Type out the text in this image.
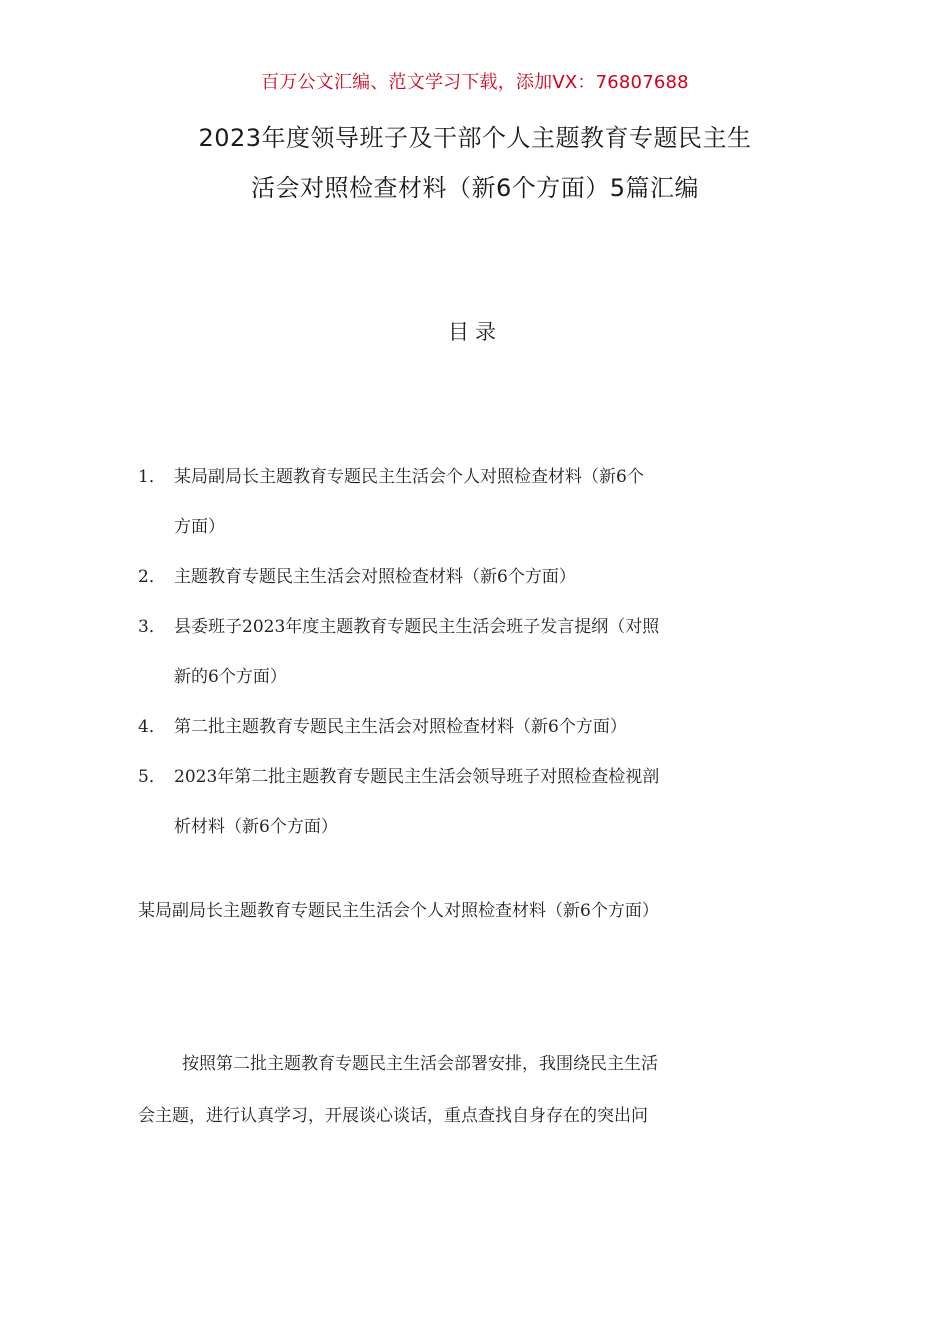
百万公文汇编、范文学习下载，添加VX：76807688
2023年度领导班子及干部个人主题教育专题民主生
活会对照检查材料（新6个方面）5篇汇编
目录
1． 某局副局长主题教育专题民主生活会个人对照检查材料（新6个
方面）
2． 主题教育专题民主生活会对照检查材料（新6个方面）
3． 县委班子2023年度主题教育专题民主生活会班子发言提纲（对照
新的6个方面）
4． 第二批主题教育专题民主生活会对照检查材料（新6个方面）
5． 2023年第二批主题教育专题民主生活会领导班子对照检查检视剖
析材料（新6个方面）
某局副局长主题教育专题民主生活会个人对照检查材料（新6个方面）
按照第二批主题教育专题民主生活会部署安排，我围绕民主生活
会主题，进行认真学习，开展谈心谈话，重点查找自身存在的突出问
